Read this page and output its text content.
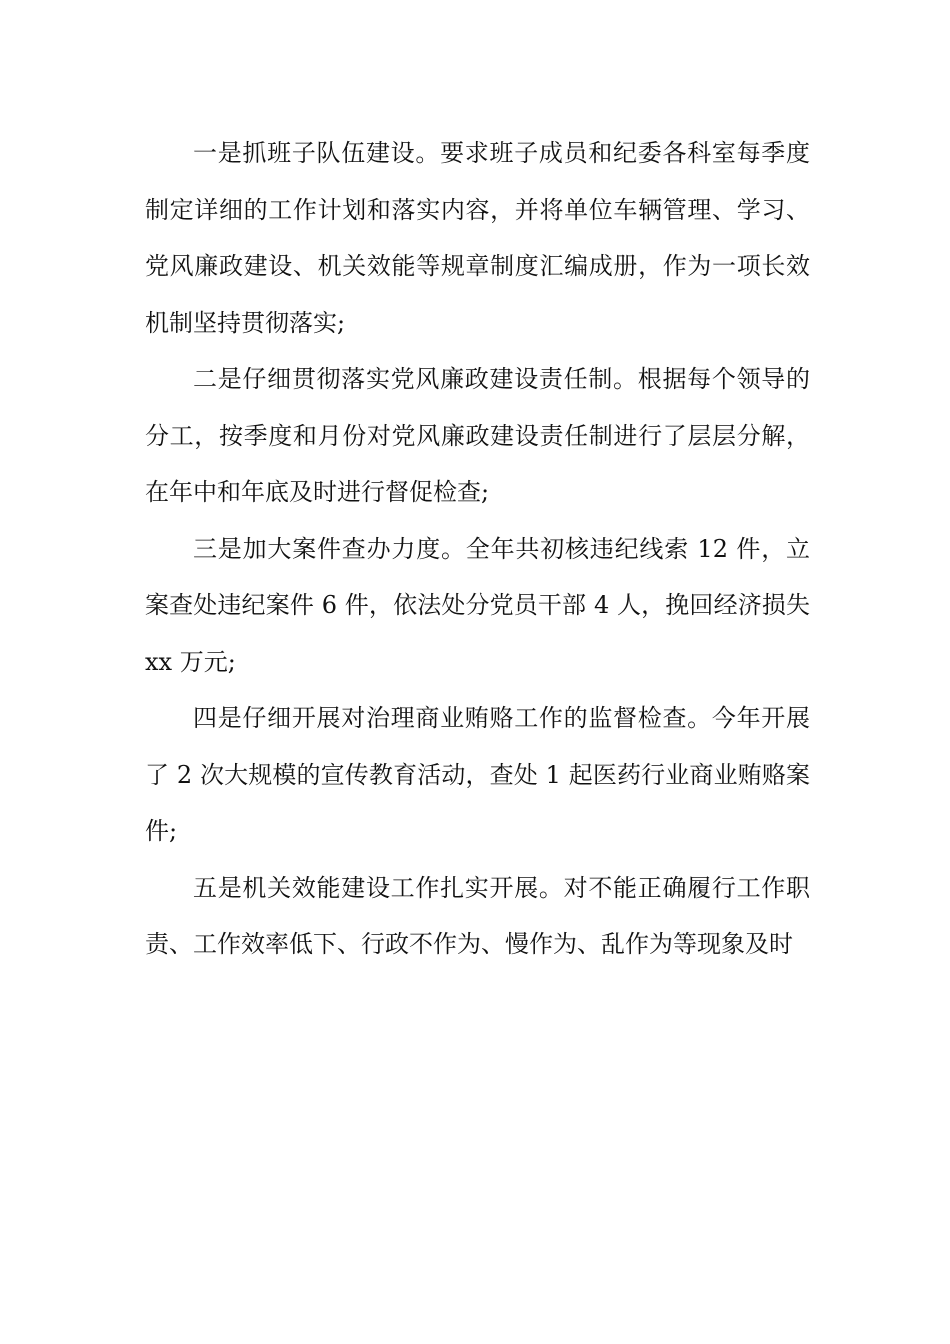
一是抓班子队伍建设。要求班子成员和纪委各科室每季度制定详细的工作计划和落实内容，并将单位车辆管理、学习、党风廉政建设、机关效能等规章制度汇编成册，作为一项长效机制坚持贯彻落实;

二是仔细贯彻落实党风廉政建设责任制。根据每个领导的分工，按季度和月份对党风廉政建设责任制进行了层层分解，在年中和年底及时进行督促检查;

三是加大案件查办力度。全年共初核违纪线索 12 件，立案查处违纪案件 6 件，依法处分党员干部 4 人，挽回经济损失 xx 万元;

四是仔细开展对治理商业贿赂工作的监督检查。今年开展了 2 次大规模的宣传教育活动，查处 1 起医药行业商业贿赂案件;

五是机关效能建设工作扎实开展。对不能正确履行工作职责、工作效率低下、行政不作为、慢作为、乱作为等现象及时
